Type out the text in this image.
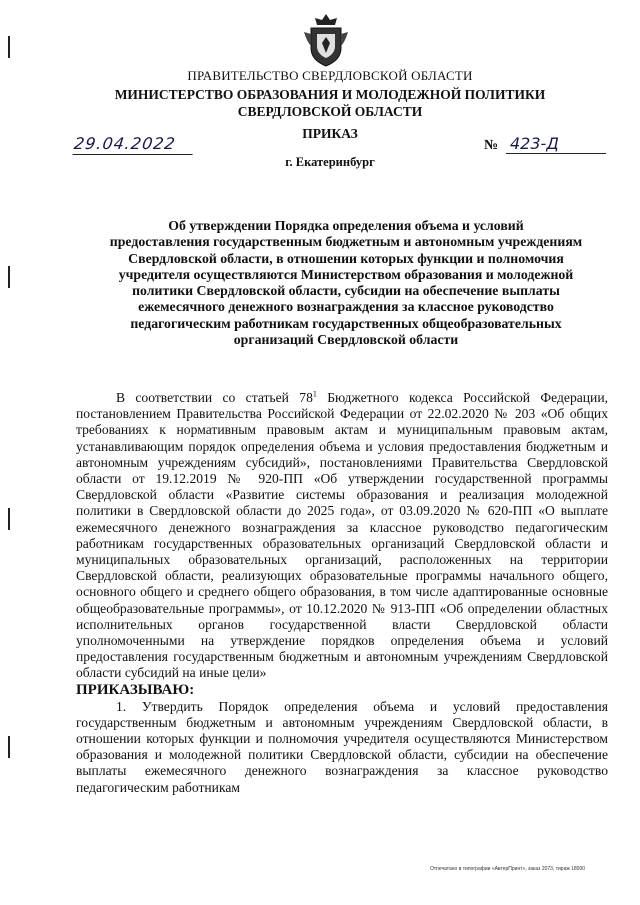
ПРАВИТЕЛЬСТВО СВЕРДЛОВСКОЙ ОБЛАСТИ
МИНИСТЕРСТВО ОБРАЗОВАНИЯ И МОЛОДЕЖНОЙ ПОЛИТИКИ
СВЕРДЛОВСКОЙ ОБЛАСТИ
ПРИКАЗ
29.04.2022	№ 423-Д
г. Екатеринбург
Об утверждении Порядка определения объема и условий
предоставления государственным бюджетным и автономным учреждениям
Свердловской области, в отношении которых функции и полномочия
учредителя осуществляются Министерством образования и молодежной
политики Свердловской области, субсидии на обеспечение выплаты
ежемесячного денежного вознаграждения за классное руководство
педагогическим работникам государственных общеобразовательных
организаций Свердловской области

В соответствии со статьей $78^1$ Бюджетного кодекса Российской Федерации, постановлением Правительства Российской Федерации от 22.02.2020 № 203 «Об общих требованиях к нормативным правовым актам и муниципальным правовым актам, устанавливающим порядок определения объема и условия предоставления бюджетным и автономным учреждениям субсидий», постановлениями Правительства Свердловской области от 19.12.2019 № 920-ПП «Об утверждении государственной программы Свердловской области «Развитие системы образования и реализация молодежной политики в Свердловской области до 2025 года», от 03.09.2020 № 620-ПП «О выплате ежемесячного денежного вознаграждения за классное руководство педагогическим работникам государственных образовательных организаций Свердловской области и муниципальных образовательных организаций, расположенных на территории Свердловской области, реализующих образовательные программы начального общего, основного общего и среднего общего образования, в том числе адаптированные основные общеобразовательные программы», от 10.12.2020 № 913-ПП «Об определении областных исполнительных органов государственной власти Свердловской области уполномоченными на утверждение порядков определения объема и условий предоставления государственным бюджетным и автономным учреждениям Свердловской области субсидий на иные цели»

ПРИКАЗЫВАЮ:

1. Утвердить Порядок определения объема и условий предоставления государственным бюджетным и автономным учреждениям Свердловской области, в отношении которых функции и полномочия учредителя осуществляются Министерством образования и молодежной политики Свердловской области, субсидии на обеспечение выплаты ежемесячного денежного вознаграждения за классное руководство педагогическим работникам

Отпечатано в типографии «АвтерПринт», заказ 2073, тираж 18000
